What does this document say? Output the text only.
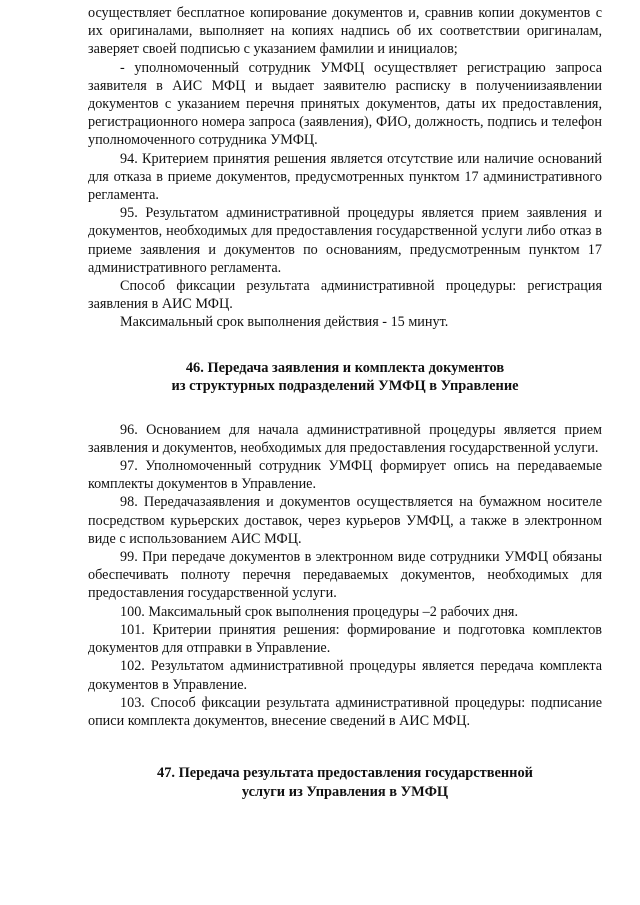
осуществляет бесплатное копирование документов и, сравнив копии документов с их оригиналами, выполняет на копиях надпись об их соответствии оригиналам, заверяет своей подписью с указанием фамилии и инициалов;

- уполномоченный сотрудник УМФЦ осуществляет регистрацию запроса заявителя в АИС МФЦ и выдает заявителю расписку в получениизаявлении документов с указанием перечня принятых документов, даты их предоставления, регистрационного номера запроса (заявления), ФИО, должность, подпись и телефон уполномоченного сотрудника УМФЦ.

94. Критерием принятия решения является отсутствие или наличие оснований для отказа в приеме документов, предусмотренных пунктом 17 административного регламента.

95. Результатом административной процедуры является прием заявления и документов, необходимых для предоставления государственной услуги либо отказ в приеме заявления и документов по основаниям, предусмотренным пунктом 17 административного регламента.

Способ фиксации результата административной процедуры: регистрация заявления в АИС МФЦ.

Максимальный срок выполнения действия - 15 минут.

46. Передача заявления и комплекта документов
из структурных подразделений УМФЦ в Управление

96. Основанием для начала административной процедуры является прием заявления и документов, необходимых для предоставления государственной услуги.

97. Уполномоченный сотрудник УМФЦ формирует опись на передаваемые комплекты документов в Управление.

98. Передачазаявления и документов осуществляется на бумажном носителе посредством курьерских доставок, через курьеров УМФЦ, а также в электронном виде с использованием АИС МФЦ.

99. При передаче документов в электронном виде сотрудники УМФЦ обязаны обеспечивать полноту перечня передаваемых документов, необходимых для предоставления государственной услуги.

100. Максимальный срок выполнения процедуры –2 рабочих дня.

101. Критерии принятия решения: формирование и подготовка комплектов документов для отправки в Управление.

102. Результатом административной процедуры является передача комплекта документов в Управление.

103. Способ фиксации результата административной процедуры: подписание описи комплекта документов, внесение сведений в АИС МФЦ.

47. Передача результата предоставления государственной
услуги из Управления в УМФЦ
